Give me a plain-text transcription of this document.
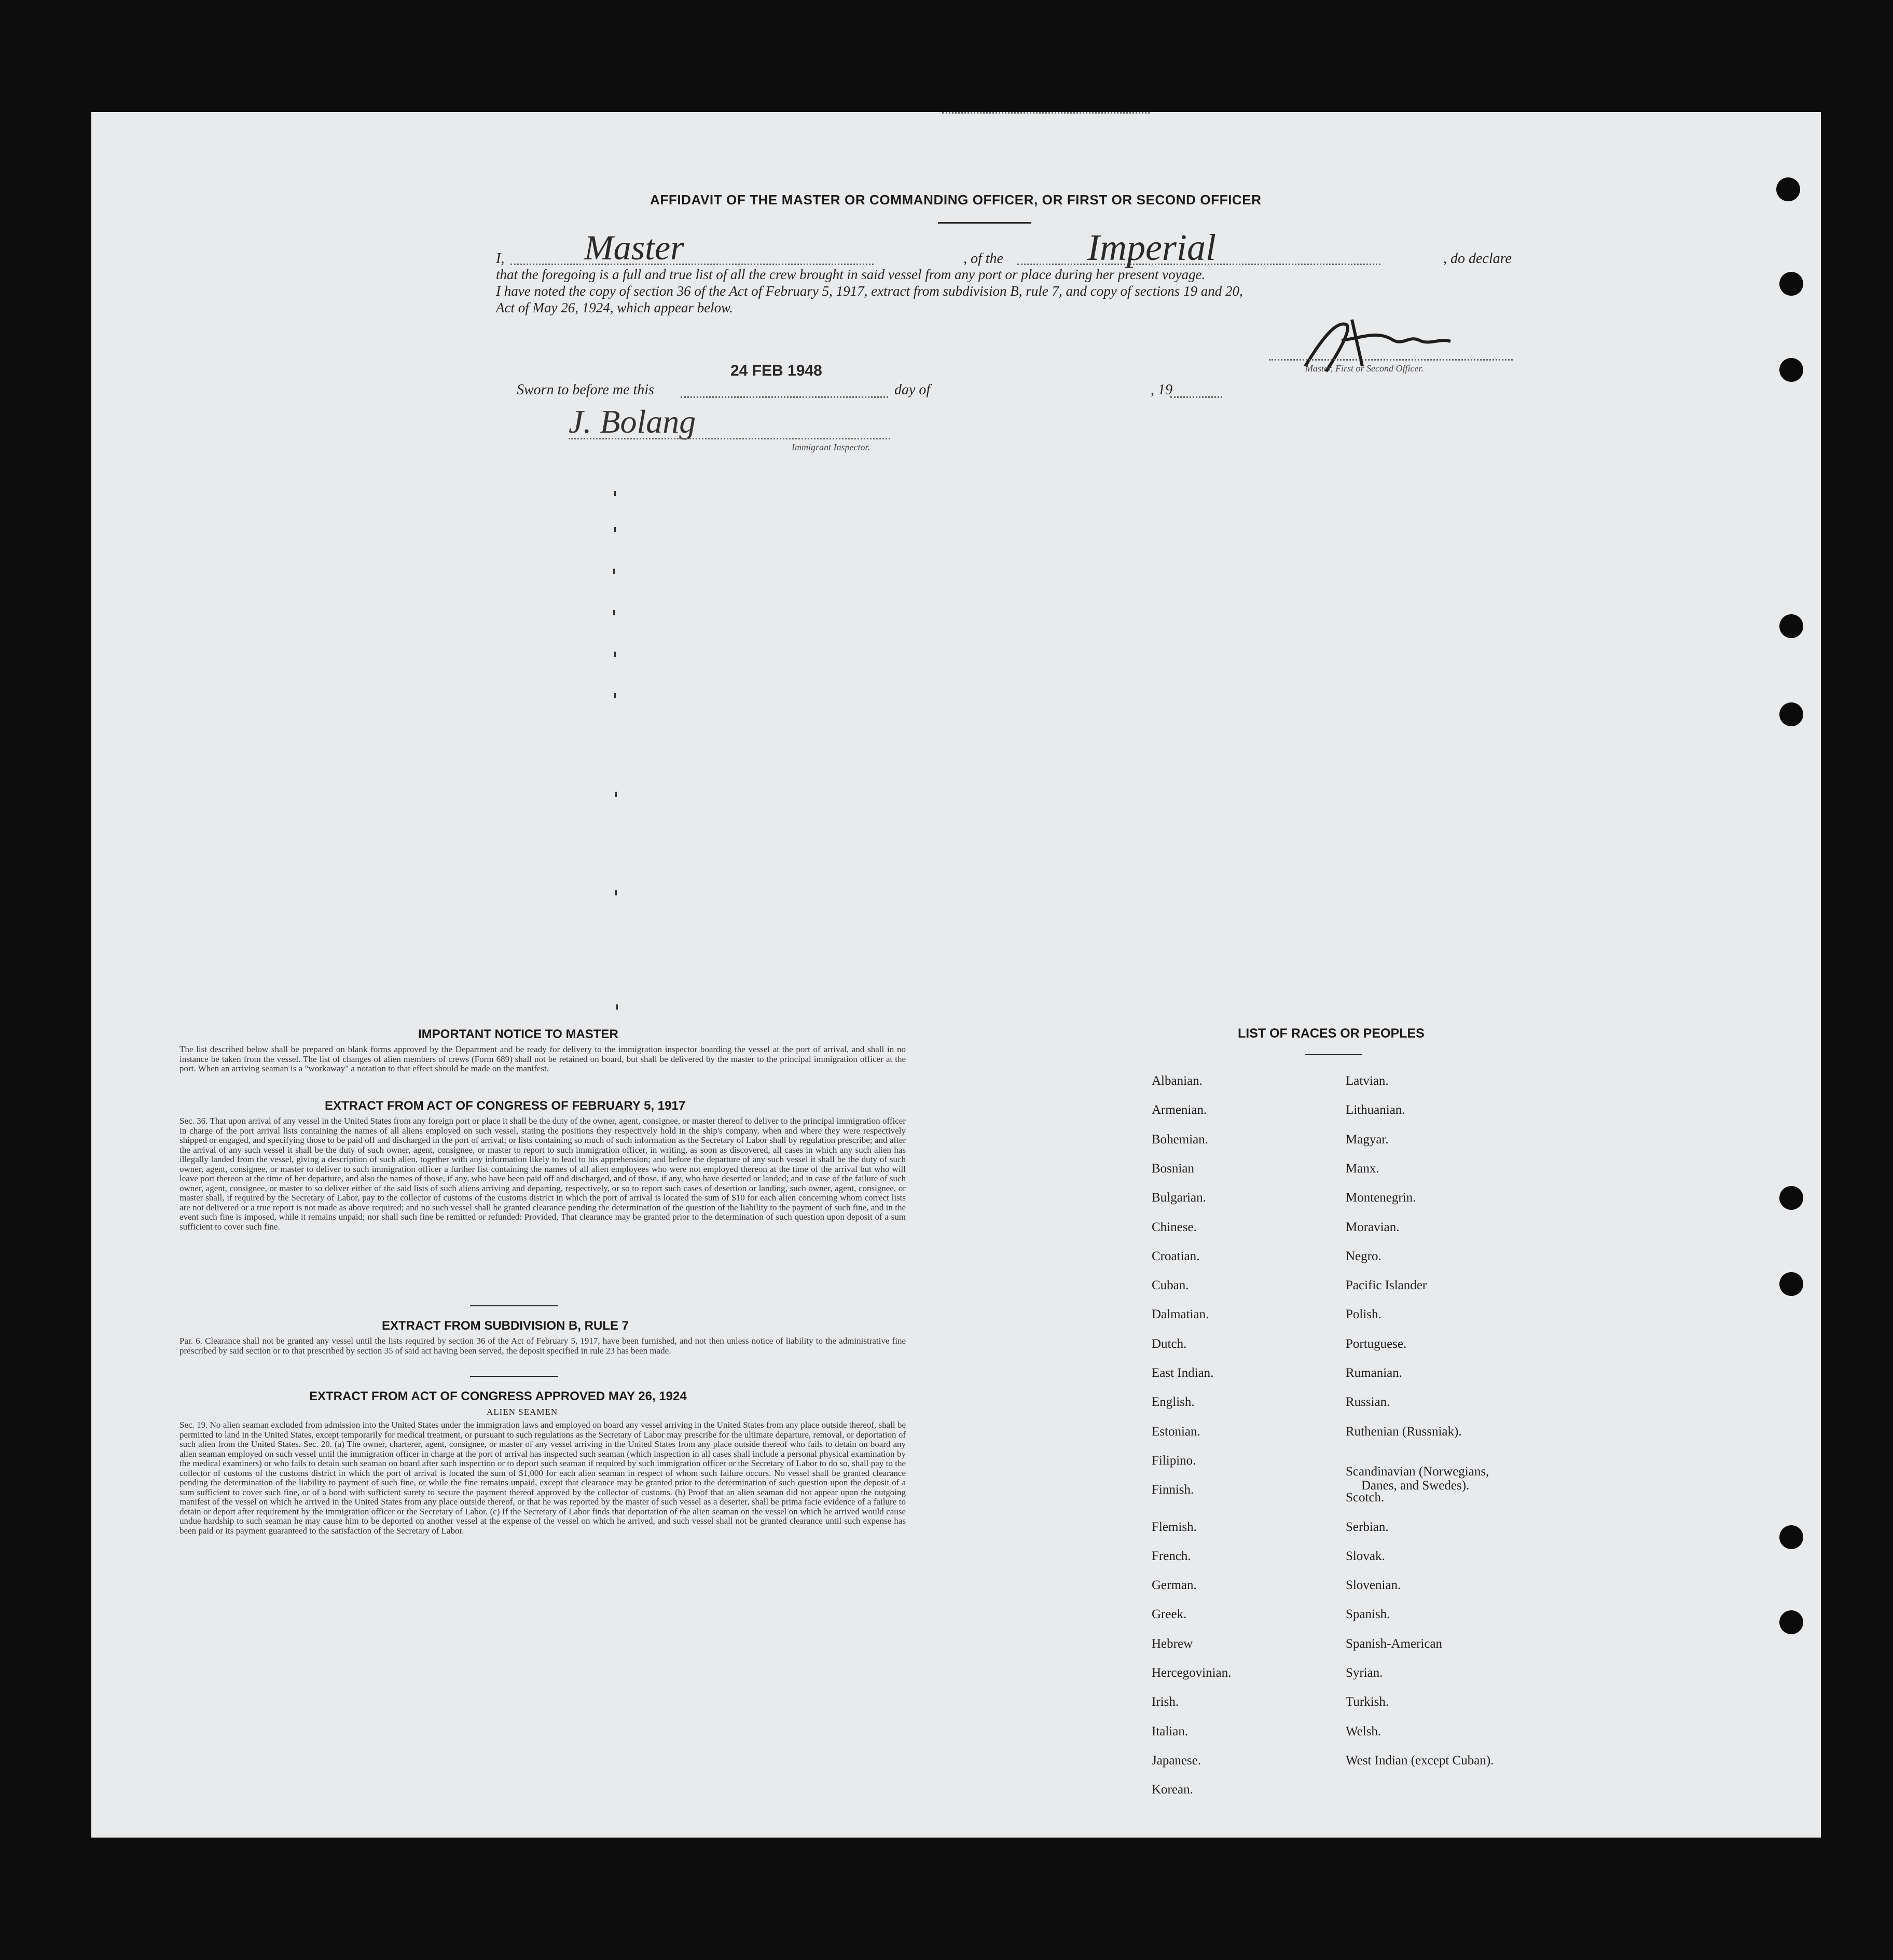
AFFIDAVIT OF THE MASTER OR COMMANDING OFFICER, OR FIRST OR SECOND OFFICER
I, Master	, of the Imperial	, do declare
that the foregoing is a full and true list of all the crew brought in said vessel from any port or place during her present voyage.
I have noted the copy of section 36 of the Act of February 5, 1917, extract from subdivision B, rule 7, and copy of sections 19 and 20,
Act of May 26, 1924, which appear below.
Master, First or Second Officer.
24 FEB 1948
Sworn to before me this	day of	, 19
J. Bolang
Immigrant Inspector.
IMPORTANT NOTICE TO MASTER
The list described below shall be prepared on blank forms approved by the Department and be ready for delivery to the immigration inspector boarding the vessel at the port of arrival, and shall in no instance be taken from the vessel. The list of changes of alien members of crews (Form 689) shall not be retained on board, but shall be delivered by the master to the principal immigration officer at the port. When an arriving seaman is a "workaway" a notation to that effect should be made on the manifest.
EXTRACT FROM ACT OF CONGRESS OF FEBRUARY 5, 1917
Sec. 36. That upon arrival of any vessel in the United States from any foreign port or place it shall be the duty of the owner, agent, consignee, or master thereof to deliver to the principal immigration officer in charge of the port arrival lists containing the names of all aliens employed on such vessel, stating the positions they respectively hold in the ship's company, when and where they were respectively shipped or engaged, and specifying those to be paid off and discharged in the port of arrival; or lists containing so much of such information as the Secretary of Labor shall by regulation prescribe; and after the arrival of any such vessel it shall be the duty of such owner, agent, consignee, or master to report to such immigration officer, in writing, as soon as discovered, all cases in which any such alien has illegally landed from the vessel, giving a description of such alien, together with any information likely to lead to his apprehension; and before the departure of any such vessel it shall be the duty of such owner, agent, consignee, or master to deliver to such immigration officer a further list containing the names of all alien employees who were not employed thereon at the time of the arrival but who will leave port thereon at the time of her departure, and also the names of those, if any, who have been paid off and discharged, and of those, if any, who have deserted or landed; and in case of the failure of such owner, agent, consignee, or master to so deliver either of the said lists of such aliens arriving and departing, respectively, or so to report such cases of desertion or landing, such owner, agent, consignee, or master shall, if required by the Secretary of Labor, pay to the collector of customs of the customs district in which the port of arrival is located the sum of $10 for each alien concerning whom correct lists are not delivered or a true report is not made as above required; and no such vessel shall be granted clearance pending the determination of the question of the liability to the payment of such fine, and in the event such fine is imposed, while it remains unpaid; nor shall such fine be remitted or refunded: Provided, That clearance may be granted prior to the determination of such question upon deposit of a sum sufficient to cover such fine.
EXTRACT FROM SUBDIVISION B, RULE 7
Par. 6. Clearance shall not be granted any vessel until the lists required by section 36 of the Act of February 5, 1917, have been furnished, and not then unless notice of liability to the administrative fine prescribed by said section or to that prescribed by section 35 of said act having been served, the deposit specified in rule 23 has been made.
EXTRACT FROM ACT OF CONGRESS APPROVED MAY 26, 1924
ALIEN SEAMEN
Sec. 19. No alien seaman excluded from admission into the United States under the immigration laws and employed on board any vessel arriving in the United States from any place outside thereof, shall be permitted to land in the United States, except temporarily for medical treatment, or pursuant to such regulations as the Secretary of Labor may prescribe for the ultimate departure, removal, or deportation of such alien from the United States. Sec. 20. (a) The owner, charterer, agent, consignee, or master of any vessel arriving in the United States from any place outside thereof who fails to detain on board any alien seaman employed on such vessel until the immigration officer in charge at the port of arrival has inspected such seaman (which inspection in all cases shall include a personal physical examination by the medical examiners) or who fails to detain such seaman on board after such inspection or to deport such seaman if required by such immigration officer or the Secretary of Labor to do so, shall pay to the collector of customs of the customs district in which the port of arrival is located the sum of $1,000 for each alien seaman in respect of whom such failure occurs. No vessel shall be granted clearance pending the determination of the liability to payment of such fine, or while the fine remains unpaid, except that clearance may be granted prior to the determination of such question upon the deposit of a sum sufficient to cover such fine, or of a bond with sufficient surety to secure the payment thereof approved by the collector of customs. (b) Proof that an alien seaman did not appear upon the outgoing manifest of the vessel on which he arrived in the United States from any place outside thereof, or that he was reported by the master of such vessel as a deserter, shall be prima facie evidence of a failure to detain or deport after requirement by the immigration officer or the Secretary of Labor. (c) If the Secretary of Labor finds that deportation of the alien seaman on the vessel on which he arrived would cause undue hardship to such seaman he may cause him to be deported on another vessel at the expense of the vessel on which he arrived, and such vessel shall not be granted clearance until such expense has been paid or its payment guaranteed to the satisfaction of the Secretary of Labor.
LIST OF RACES OR PEOPLES
Albanian.
Armenian.
Bohemian.
Bosnian
Bulgarian.
Chinese.
Croatian.
Cuban.
Dalmatian.
Dutch.
East Indian.
English.
Estonian.
Filipino.
Finnish.
Flemish.
French.
German.
Greek.
Hebrew
Hercegovinian.
Irish.
Italian.
Japanese.
Korean.
Latvian.
Lithuanian.
Magyar.
Manx.
Montenegrin.
Moravian.
Negro.
Pacific Islander
Polish.
Portuguese.
Rumanian.
Russian.
Ruthenian (Russniak).
Scandinavian (Norwegians,
Danes, and Swedes).
Scotch.
Serbian.
Slovak.
Slovenian.
Spanish.
Spanish-American
Syrian.
Turkish.
Welsh.
West Indian (except Cuban).
